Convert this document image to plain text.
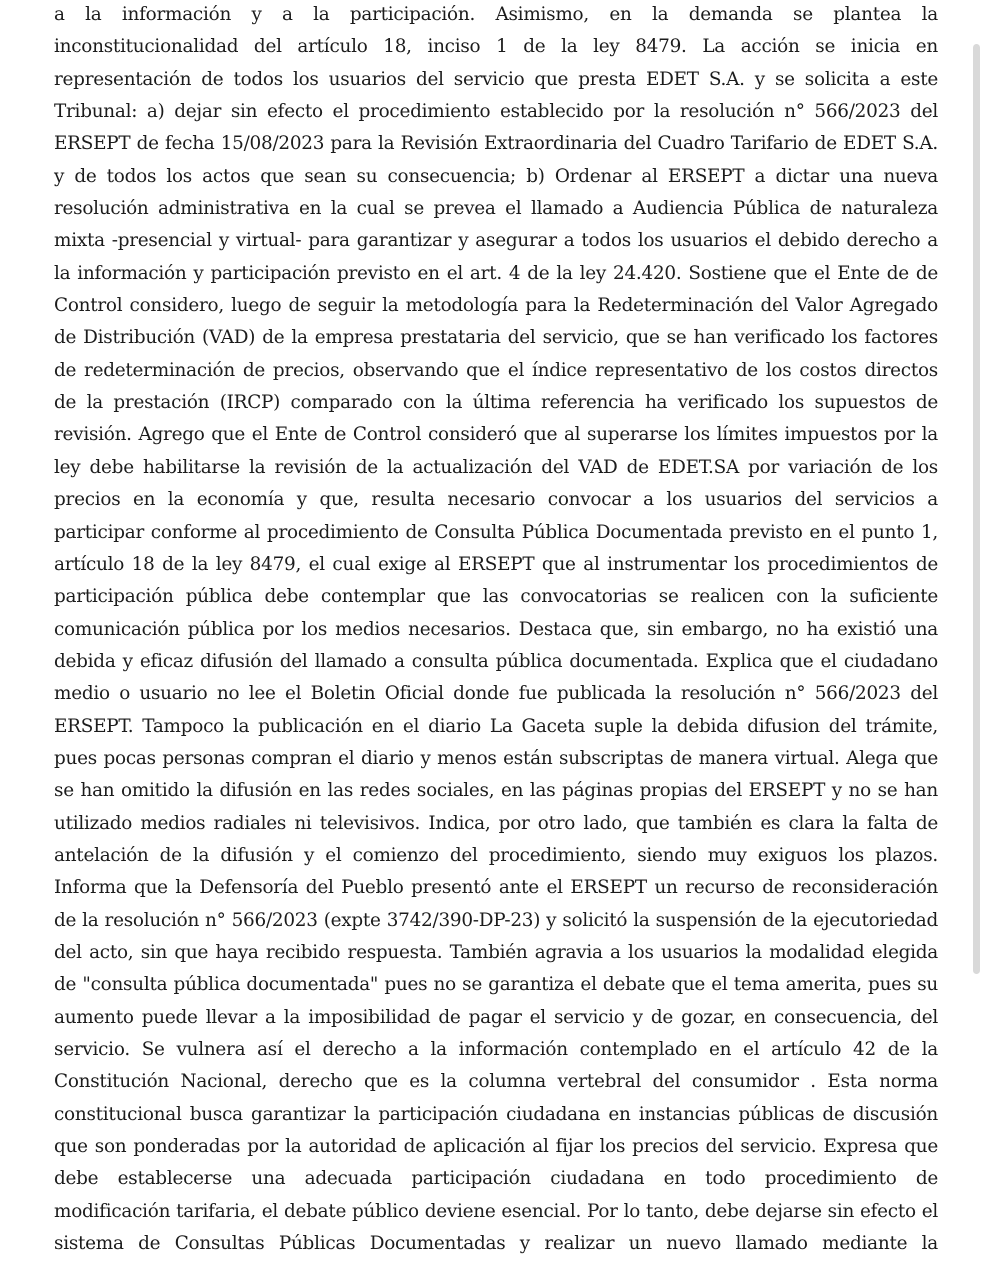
a la información y a la participación. Asimismo, en la demanda se plantea la
inconstitucionalidad del artículo 18, inciso 1 de la ley 8479. La acción se inicia en
representación de todos los usuarios del servicio que presta EDET S.A. y se solicita a este
Tribunal: a) dejar sin efecto el procedimiento establecido por la resolución n° 566/2023 del
ERSEPT de fecha 15/08/2023 para la Revisión Extraordinaria del Cuadro Tarifario de EDET S.A.
y de todos los actos que sean su consecuencia; b) Ordenar al ERSEPT a dictar una nueva
resolución administrativa en la cual se prevea el llamado a Audiencia Pública de naturaleza
mixta -presencial y virtual- para garantizar y asegurar a todos los usuarios el debido derecho a
la información y participación previsto en el art. 4 de la ley 24.420. Sostiene que el Ente de de
Control considero, luego de seguir la metodología para la Redeterminación del Valor Agregado
de Distribución (VAD) de la empresa prestataria del servicio, que se han verificado los factores
de redeterminación de precios, observando que el índice representativo de los costos directos
de la prestación (IRCP) comparado con la última referencia ha verificado los supuestos de
revisión. Agrego que el Ente de Control consideró que al superarse los límites impuestos por la
ley debe habilitarse la revisión de la actualización del VAD de EDET.SA por variación de los
precios en la economía y que, resulta necesario convocar a los usuarios del servicios a
participar conforme al procedimiento de Consulta Pública Documentada previsto en el punto 1,
artículo 18 de la ley 8479, el cual exige al ERSEPT que al instrumentar los procedimientos de
participación pública debe contemplar que las convocatorias se realicen con la suficiente
comunicación pública por los medios necesarios. Destaca que, sin embargo, no ha existió una
debida y eficaz difusión del llamado a consulta pública documentada. Explica que el ciudadano
medio o usuario no lee el Boletin Oficial donde fue publicada la resolución n° 566/2023 del
ERSEPT. Tampoco la publicación en el diario La Gaceta suple la debida difusion del trámite,
pues pocas personas compran el diario y menos están subscriptas de manera virtual. Alega que
se han omitido la difusión en las redes sociales, en las páginas propias del ERSEPT y no se han
utilizado medios radiales ni televisivos. Indica, por otro lado, que también es clara la falta de
antelación de la difusión y el comienzo del procedimiento, siendo muy exiguos los plazos.
Informa que la Defensoría del Pueblo presentó ante el ERSEPT un recurso de reconsideración
de la resolución n° 566/2023 (expte 3742/390-DP-23) y solicitó la suspensión de la ejecutoriedad
del acto, sin que haya recibido respuesta. También agravia a los usuarios la modalidad elegida
de "consulta pública documentada" pues no se garantiza el debate que el tema amerita, pues su
aumento puede llevar a la imposibilidad de pagar el servicio y de gozar, en consecuencia, del
servicio. Se vulnera así el derecho a la información contemplado en el artículo 42 de la
Constitución Nacional, derecho que es la columna vertebral del consumidor . Esta norma
constitucional busca garantizar la participación ciudadana en instancias públicas de discusión
que son ponderadas por la autoridad de aplicación al fijar los precios del servicio. Expresa que
debe establecerse una adecuada participación ciudadana en todo procedimiento de
modificación tarifaria, el debate público deviene esencial. Por lo tanto, debe dejarse sin efecto el
sistema de Consultas Públicas Documentadas y realizar un nuevo llamado mediante la
